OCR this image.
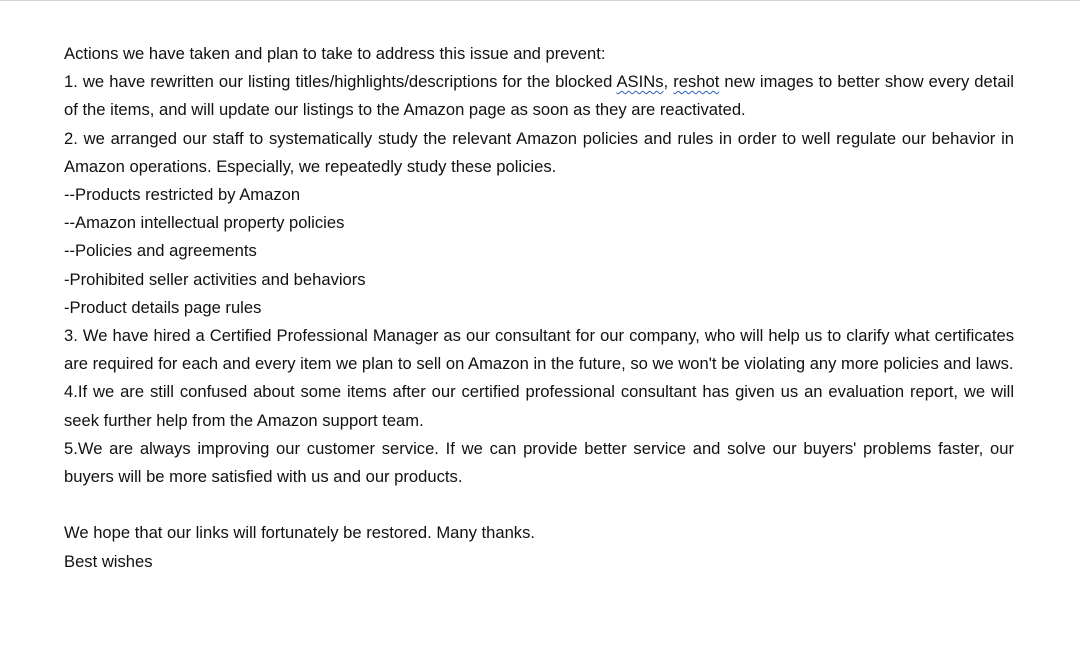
Actions we have taken and plan to take to address this issue and prevent:
1. we have rewritten our listing titles/highlights/descriptions for the blocked ASINs, reshot new images to better show every detail of the items, and will update our listings to the Amazon page as soon as they are reactivated.
2. we arranged our staff to systematically study the relevant Amazon policies and rules in order to well regulate our behavior in Amazon operations. Especially, we repeatedly study these policies.
--Products restricted by Amazon
--Amazon intellectual property policies
--Policies and agreements
-Prohibited seller activities and behaviors
-Product details page rules
3. We have hired a Certified Professional Manager as our consultant for our company, who will help us to clarify what certificates are required for each and every item we plan to sell on Amazon in the future, so we won't be violating any more policies and laws.
4.If we are still confused about some items after our certified professional consultant has given us an evaluation report, we will seek further help from the Amazon support team.
5.We are always improving our customer service. If we can provide better service and solve our buyers' problems faster, our buyers will be more satisfied with us and our products.
We hope that our links will fortunately be restored. Many thanks.
Best wishes
